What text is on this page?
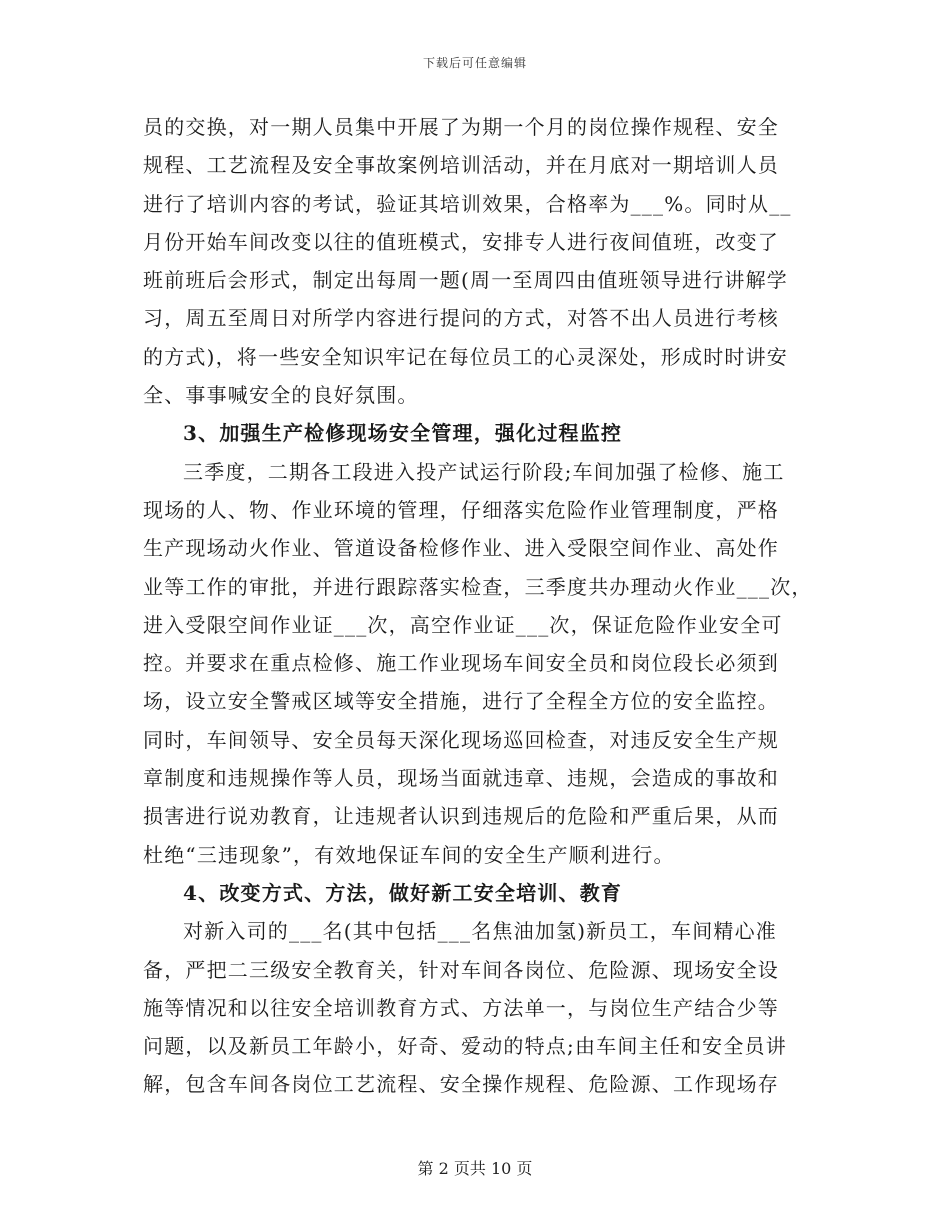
下载后可任意编辑
员的交换，对一期人员集中开展了为期一个月的岗位操作规程、安全
规程、工艺流程及安全事故案例培训活动，并在月底对一期培训人员
进行了培训内容的考试，验证其培训效果，合格率为___%。同时从__
月份开始车间改变以往的值班模式，安排专人进行夜间值班，改变了
班前班后会形式，制定出每周一题(周一至周四由值班领导进行讲解学
习，周五至周日对所学内容进行提问的方式，对答不出人员进行考核
的方式)，将一些安全知识牢记在每位员工的心灵深处，形成时时讲安
全、事事喊安全的良好氛围。
3、加强生产检修现场安全管理，强化过程监控
三季度，二期各工段进入投产试运行阶段;车间加强了检修、施工
现场的人、物、作业环境的管理，仔细落实危险作业管理制度，严格
生产现场动火作业、管道设备检修作业、进入受限空间作业、高处作
业等工作的审批，并进行跟踪落实检查，三季度共办理动火作业___次，
进入受限空间作业证___次，高空作业证___次，保证危险作业安全可
控。并要求在重点检修、施工作业现场车间安全员和岗位段长必须到
场，设立安全警戒区域等安全措施，进行了全程全方位的安全监控。
同时，车间领导、安全员每天深化现场巡回检查，对违反安全生产规
章制度和违规操作等人员，现场当面就违章、违规，会造成的事故和
损害进行说劝教育，让违规者认识到违规后的危险和严重后果，从而
杜绝“三违现象”，有效地保证车间的安全生产顺利进行。
4、改变方式、方法，做好新工安全培训、教育
对新入司的___名(其中包括___名焦油加氢)新员工，车间精心准
备，严把二三级安全教育关，针对车间各岗位、危险源、现场安全设
施等情况和以往安全培训教育方式、方法单一，与岗位生产结合少等
问题，以及新员工年龄小，好奇、爱动的特点;由车间主任和安全员讲
解，包含车间各岗位工艺流程、安全操作规程、危险源、工作现场存
第 2 页共 10 页
